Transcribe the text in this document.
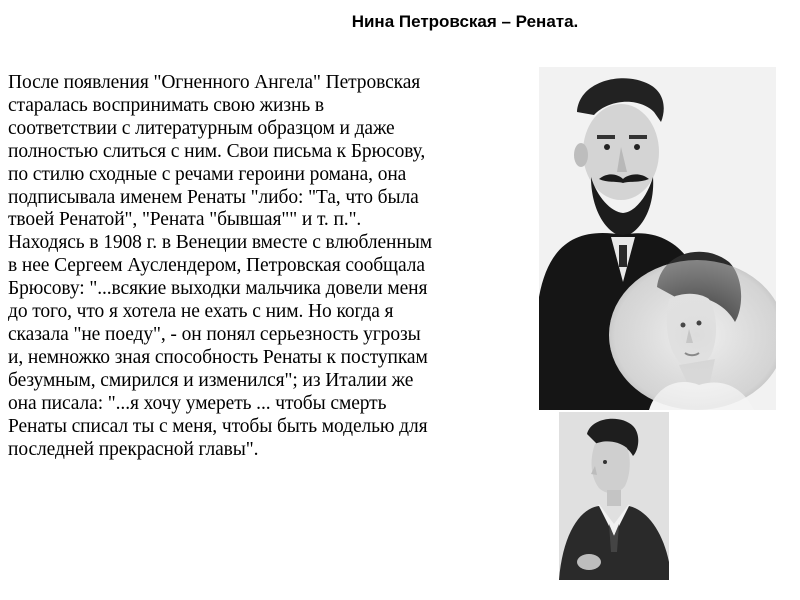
Нина Петровская – Рената.
После появления "Огненного Ангела" Петровская
старалась воспринимать свою жизнь в
соответствии с литературным образцом и даже
полностью слиться с ним. Свои письма к Брюсову,
по стилю сходные с речами героини романа, она
подписывала именем Ренаты "либо: "Та, что была
твоей Ренатой", "Рената "бывшая"" и т. п.".
Находясь в 1908 г. в Венеции вместе с влюбленным
в нее Сергеем Ауслендером, Петровская сообщала
Брюсову: "...всякие выходки мальчика довели меня
до того, что я хотела не ехать с ним. Но когда я
сказала "не поеду", - он понял серьезность угрозы
и, немножко зная способность Ренаты к поступкам
безумным, смирился и изменился"; из Италии же
она писала: "...я хочу умереть ... чтобы смерть
Ренаты списал ты с меня, чтобы быть моделью для
последней прекрасной главы".
